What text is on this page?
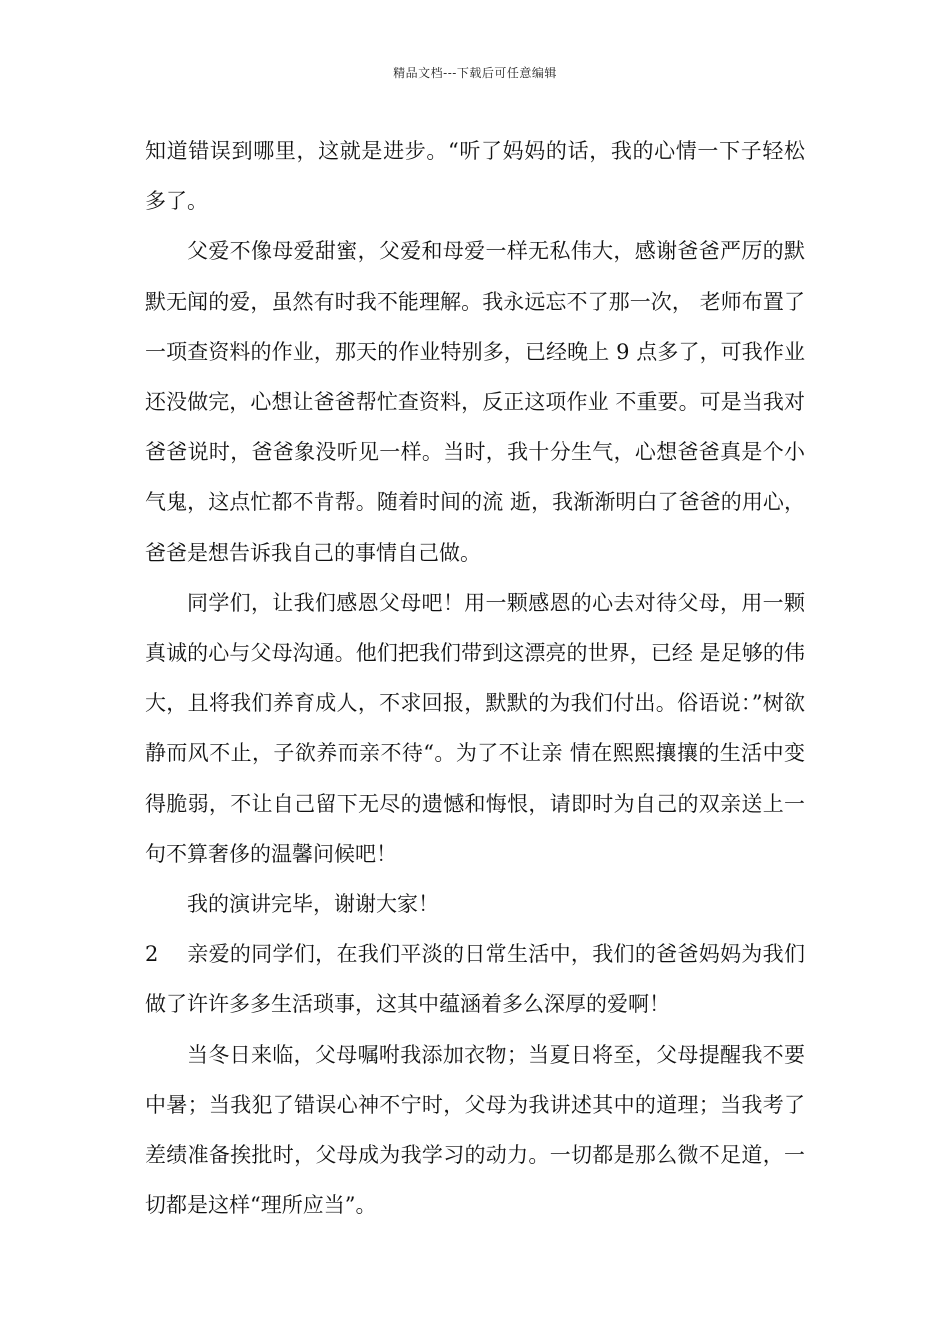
精品文档---下载后可任意编辑

知道错误到哪里，这就是进步。“听了妈妈的话，我的心情一下子轻松多了。

父爱不像母爱甜蜜，父爱和母爱一样无私伟大，感谢爸爸严厉的默默无闻的爱，虽然有时我不能理解。我永远忘不了那一次， 老师布置了一项查资料的作业，那天的作业特别多，已经晚上 9 点多了，可我作业还没做完，心想让爸爸帮忙查资料，反正这项作业 不重要。可是当我对爸爸说时，爸爸象没听见一样。当时，我十分生气，心想爸爸真是个小气鬼，这点忙都不肯帮。随着时间的流 逝，我渐渐明白了爸爸的用心，爸爸是想告诉我自己的事情自己做。

同学们，让我们感恩父母吧！用一颗感恩的心去对待父母，用一颗真诚的心与父母沟通。他们把我们带到这漂亮的世界，已经 是足够的伟大，且将我们养育成人，不求回报，默默的为我们付出。俗语说：”树欲静而风不止，子欲养而亲不待“。为了不让亲 情在熙熙攘攘的生活中变得脆弱，不让自己留下无尽的遗憾和悔恨，请即时为自己的双亲送上一句不算奢侈的温馨问候吧！

我的演讲完毕，谢谢大家！

2 亲爱的同学们，在我们平淡的日常生活中，我们的爸爸妈妈为我们做了许许多多生活琐事，这其中蕴涵着多么深厚的爱啊！

当冬日来临，父母嘱咐我添加衣物；当夏日将至，父母提醒我不要中暑；当我犯了错误心神不宁时，父母为我讲述其中的道理；当我考了差绩准备挨批时，父母成为我学习的动力。一切都是那么微不足道，一切都是这样“理所应当”。
